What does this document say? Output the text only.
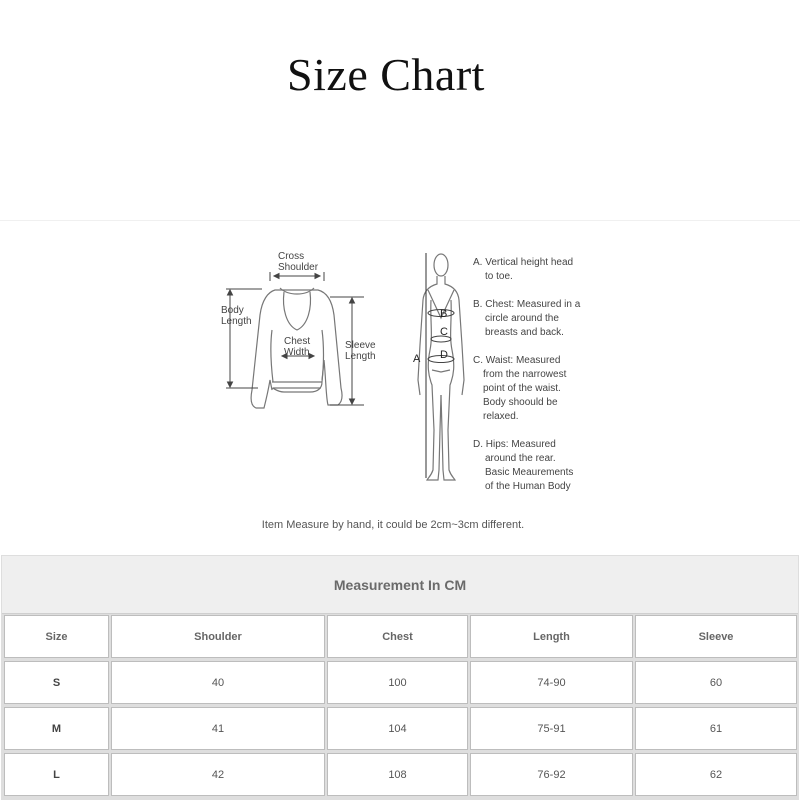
Size Chart
Cross
Shoulder
Body
Length
Chest
Width
Sleeve
Length	A
B
C
D
A. Vertical height head
to toe.
B. Chest: Measured in a
circle around the
breasts and back.
C. Waist: Measured
from the narrowest
point of the waist.
Body shoould be
relaxed.
D. Hips: Measured
around the rear.
Basic Meaurements
of the Human Body
Item Measure by hand, it could be 2cm~3cm different.
Measurement In CM
Size	Shoulder	Chest	Length	Sleeve
S	40	100	74-90	60
M	41	104	75-91	61
L	42	108	76-92	62
